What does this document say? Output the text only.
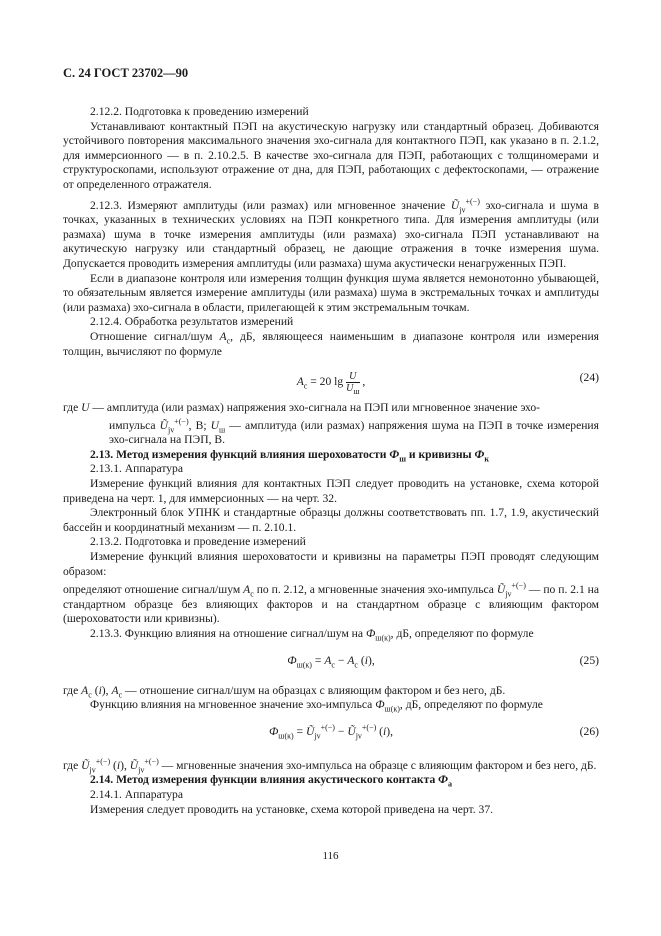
С. 24 ГОСТ 23702—90

2.12.2. Подготовка к проведению измерений

Устанавливают контактный ПЭП на акустическую нагрузку или стандартный образец. Добиваются устойчивого повторения максимального значения эхо-сигнала для контактного ПЭП, как указано в п. 2.1.2, для иммерсионного — в п. 2.10.2.5. В качестве эхо-сигнала для ПЭП, работающих с толщиномерами и структуроскопами, используют отражение от дна, для ПЭП, работающих с дефектоскопами, — отражение от определенного отражателя.

2.12.3. Измеряют амплитуды (или размах) или мгновенное значение $Ũ_{jv}^{+(-)}$ эхо-сигнала и шума в точках, указанных в технических условиях на ПЭП конкретного типа. Для измерения амплитуды (или размаха) шума в точке измерения амплитуды (или размаха) эхо-сигнала ПЭП устанавливают на акутическую нагрузку или стандартный образец, не дающие отражения в точке измерения шума. Допускается проводить измерения амплитуды (или размаха) шума акустически ненагруженных ПЭП.

Если в диапазоне контроля или измерения толщин функция шума является немонотонно убывающей, то обязательным является измерение амплитуды (или размаха) шума в экстремальных точках и амплитуды (или размаха) эхо-сигнала в области, прилегающей к этим экстремальным точкам.

2.12.4. Обработка результатов измерений

Отношение сигнал/шум $A_c$, дБ, являющееся наименьшим в диапазоне контроля или измерения толщин, вычисляют по формуле

$A_c = 20$ $\lg \frac{U}{U_ш}$ ,	(24)

где U — амплитуда (или размах) напряжения эхо-сигнала на ПЭП или мгновенное значение эхо-

импульса $Ũ_{jv}^{+(-)}$, В; $U_ш$ — амплитуда (или размах) напряжения шума на ПЭП в точке измерения эхо-сигнала на ПЭП, В.

2.13. Метод измерения функций влияния шероховатости $Ф_ш$ и кривизны $Ф_к$

2.13.1. Аппаратура

Измерение функций влияния для контактных ПЭП следует проводить на установке, схема которой приведена на черт. 1, для иммерсионных — на черт. 32.

Электронный блок УПНК и стандартные образцы должны соответствовать пп. 1.7, 1.9, акустический бассейн и координатный механизм — п. 2.10.1.

2.13.2. Подготовка и проведение измерений

Измерение функций влияния шероховатости и кривизны на параметры ПЭП проводят следующим образом:

определяют отношение сигнал/шум $A_c$ по п. 2.12, а мгновенные значения эхо-импульса $Ũ_{jv}^{+(-)}$ — по п. 2.1 на стандартном образце без влияющих факторов и на стандартном образце с влияющим фактором (шероховатости или кривизны).

2.13.3. Функцию влияния на отношение сигнал/шум на $Ф_{ш(к)}$, дБ, определяют по формуле

$Ф_{ш(к)} = A_c - A_c$ (i),	(25)

где $A_c$ (i), $A_c$ — отношение сигнал/шум на образцах с влияющим фактором и без него, дБ.

Функцию влияния на мгновенное значение эхо-импульса $Ф_{ш(к)}$, дБ, определяют по формуле

$Ф_{ш(к)}$ = $Ũ_{jv}^{+(-)}$ − $Ũ_{jv}^{+(-)}$ (i),	(26)

где $Ũ_{jv}^{+(-)}$ (i), $Ũ_{jv}^{+(-)}$ — мгновенные значения эхо-импульса на образце с влияющим фактором и без него, дБ.

2.14. Метод измерения функции влияния акустического контакта $Ф_а$

2.14.1. Аппаратура

Измерения следует проводить на установке, схема которой приведена на черт. 37.

116
